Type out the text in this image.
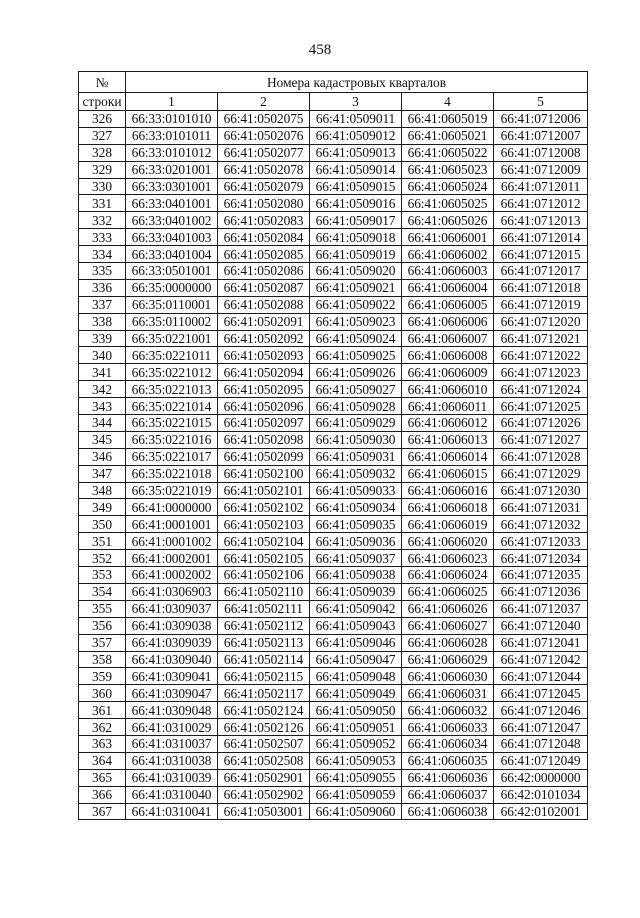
458
№	Номера кадастровых кварталов				
строки	1	2	3	4	5
326	66:33:0101010	66:41:0502075	66:41:0509011	66:41:0605019	66:41:0712006
327	66:33:0101011	66:41:0502076	66:41:0509012	66:41:0605021	66:41:0712007
328	66:33:0101012	66:41:0502077	66:41:0509013	66:41:0605022	66:41:0712008
329	66:33:0201001	66:41:0502078	66:41:0509014	66:41:0605023	66:41:0712009
330	66:33:0301001	66:41:0502079	66:41:0509015	66:41:0605024	66:41:0712011
331	66:33:0401001	66:41:0502080	66:41:0509016	66:41:0605025	66:41:0712012
332	66:33:0401002	66:41:0502083	66:41:0509017	66:41:0605026	66:41:0712013
333	66:33:0401003	66:41:0502084	66:41:0509018	66:41:0606001	66:41:0712014
334	66:33:0401004	66:41:0502085	66:41:0509019	66:41:0606002	66:41:0712015
335	66:33:0501001	66:41:0502086	66:41:0509020	66:41:0606003	66:41:0712017
336	66:35:0000000	66:41:0502087	66:41:0509021	66:41:0606004	66:41:0712018
337	66:35:0110001	66:41:0502088	66:41:0509022	66:41:0606005	66:41:0712019
338	66:35:0110002	66:41:0502091	66:41:0509023	66:41:0606006	66:41:0712020
339	66:35:0221001	66:41:0502092	66:41:0509024	66:41:0606007	66:41:0712021
340	66:35:0221011	66:41:0502093	66:41:0509025	66:41:0606008	66:41:0712022
341	66:35:0221012	66:41:0502094	66:41:0509026	66:41:0606009	66:41:0712023
342	66:35:0221013	66:41:0502095	66:41:0509027	66:41:0606010	66:41:0712024
343	66:35:0221014	66:41:0502096	66:41:0509028	66:41:0606011	66:41:0712025
344	66:35:0221015	66:41:0502097	66:41:0509029	66:41:0606012	66:41:0712026
345	66:35:0221016	66:41:0502098	66:41:0509030	66:41:0606013	66:41:0712027
346	66:35:0221017	66:41:0502099	66:41:0509031	66:41:0606014	66:41:0712028
347	66:35:0221018	66:41:0502100	66:41:0509032	66:41:0606015	66:41:0712029
348	66:35:0221019	66:41:0502101	66:41:0509033	66:41:0606016	66:41:0712030
349	66:41:0000000	66:41:0502102	66:41:0509034	66:41:0606018	66:41:0712031
350	66:41:0001001	66:41:0502103	66:41:0509035	66:41:0606019	66:41:0712032
351	66:41:0001002	66:41:0502104	66:41:0509036	66:41:0606020	66:41:0712033
352	66:41:0002001	66:41:0502105	66:41:0509037	66:41:0606023	66:41:0712034
353	66:41:0002002	66:41:0502106	66:41:0509038	66:41:0606024	66:41:0712035
354	66:41:0306903	66:41:0502110	66:41:0509039	66:41:0606025	66:41:0712036
355	66:41:0309037	66:41:0502111	66:41:0509042	66:41:0606026	66:41:0712037
356	66:41:0309038	66:41:0502112	66:41:0509043	66:41:0606027	66:41:0712040
357	66:41:0309039	66:41:0502113	66:41:0509046	66:41:0606028	66:41:0712041
358	66:41:0309040	66:41:0502114	66:41:0509047	66:41:0606029	66:41:0712042
359	66:41:0309041	66:41:0502115	66:41:0509048	66:41:0606030	66:41:0712044
360	66:41:0309047	66:41:0502117	66:41:0509049	66:41:0606031	66:41:0712045
361	66:41:0309048	66:41:0502124	66:41:0509050	66:41:0606032	66:41:0712046
362	66:41:0310029	66:41:0502126	66:41:0509051	66:41:0606033	66:41:0712047
363	66:41:0310037	66:41:0502507	66:41:0509052	66:41:0606034	66:41:0712048
364	66:41:0310038	66:41:0502508	66:41:0509053	66:41:0606035	66:41:0712049
365	66:41:0310039	66:41:0502901	66:41:0509055	66:41:0606036	66:42:0000000
366	66:41:0310040	66:41:0502902	66:41:0509059	66:41:0606037	66:42:0101034
367	66:41:0310041	66:41:0503001	66:41:0509060	66:41:0606038	66:42:0102001
